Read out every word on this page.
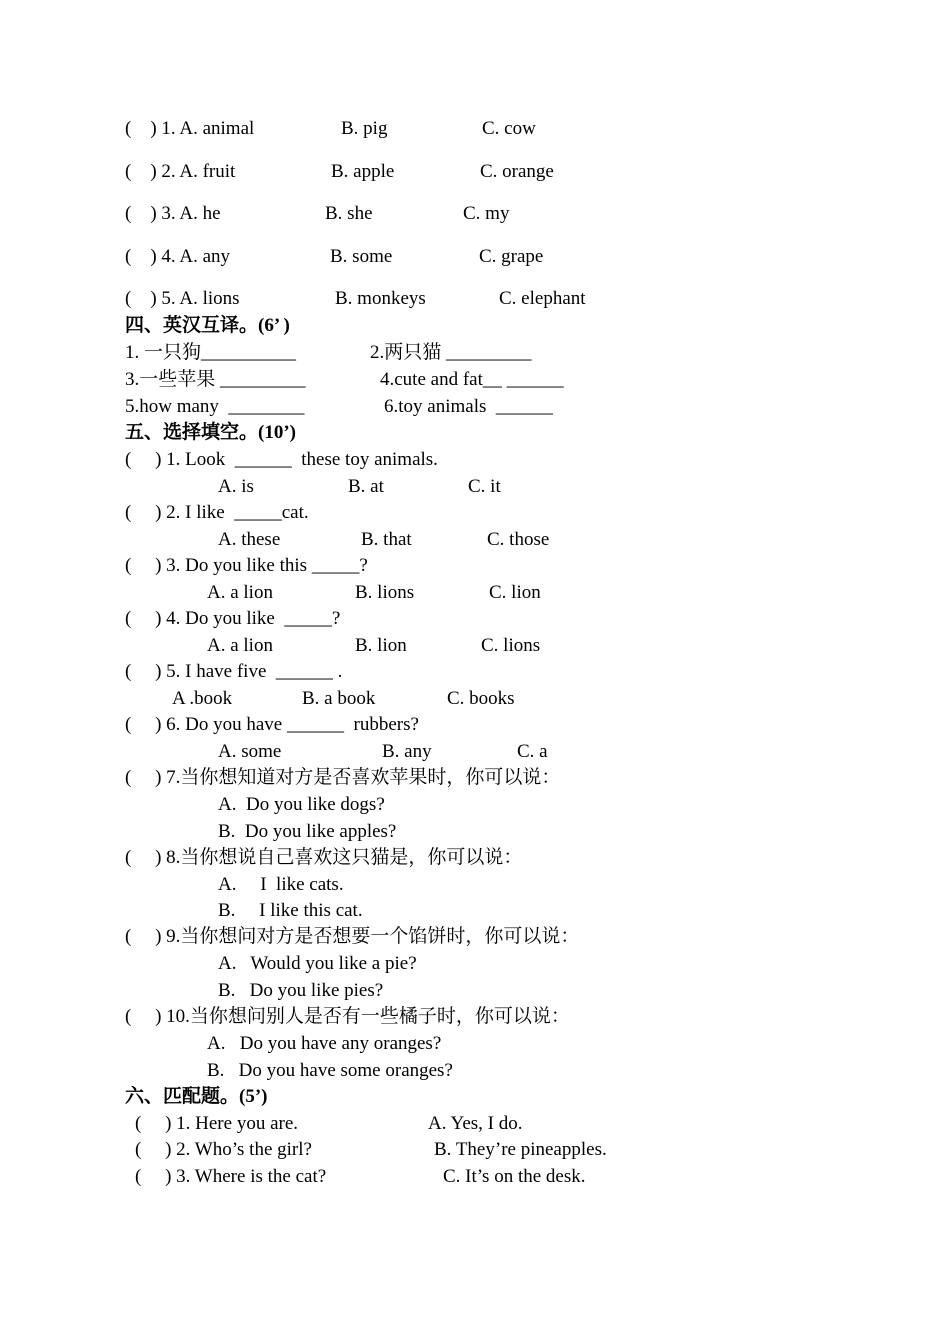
(    ) 1. A. animal	B. pig	C. cow
(    ) 2. A. fruit	B. apple	C. orange
(    ) 3. A. he	B. she	C. my
(    ) 4. A. any	B. some	C. grape
(    ) 5. A. lions	B. monkeys	C. elephant
四、英汉互译。(6’ )
1. 一只狗__________	2.两只猫 _________
3.一些苹果 _________	4.cute and fat__ ______
5.how many  ________	6.toy animals  ______
五、选择填空。(10’)
(     ) 1. Look  ______  these toy animals.
A. is	B. at	C. it
(     ) 2. I like  _____cat.
A. these	B. that	C. those
(     ) 3. Do you like this _____?
A. a lion	B. lions	C. lion
(     ) 4. Do you like  _____?
A. a lion	B. lion	C. lions
(     ) 5. I have five  ______ .
A .book	B. a book	C. books
(     ) 6. Do you have ______  rubbers?
A. some	B. any	C. a
(     ) 7.当你想知道对方是否喜欢苹果时，你可以说：
A.  Do you like dogs?
B.  Do you like apples?
(     ) 8.当你想说自己喜欢这只猫是，你可以说：
A.     I  like cats.
B.     I like this cat.
(     ) 9.当你想问对方是否想要一个馅饼时，你可以说：
A.   Would you like a pie?
B.   Do you like pies?
(     ) 10.当你想问别人是否有一些橘子时，你可以说：
A.   Do you have any oranges?
B.   Do you have some oranges?
六、匹配题。(5’)
(     ) 1. Here you are.	A. Yes, I do.
(     ) 2. Who’s the girl?	B. They’re pineapples.
(     ) 3. Where is the cat?	C. It’s on the desk.
